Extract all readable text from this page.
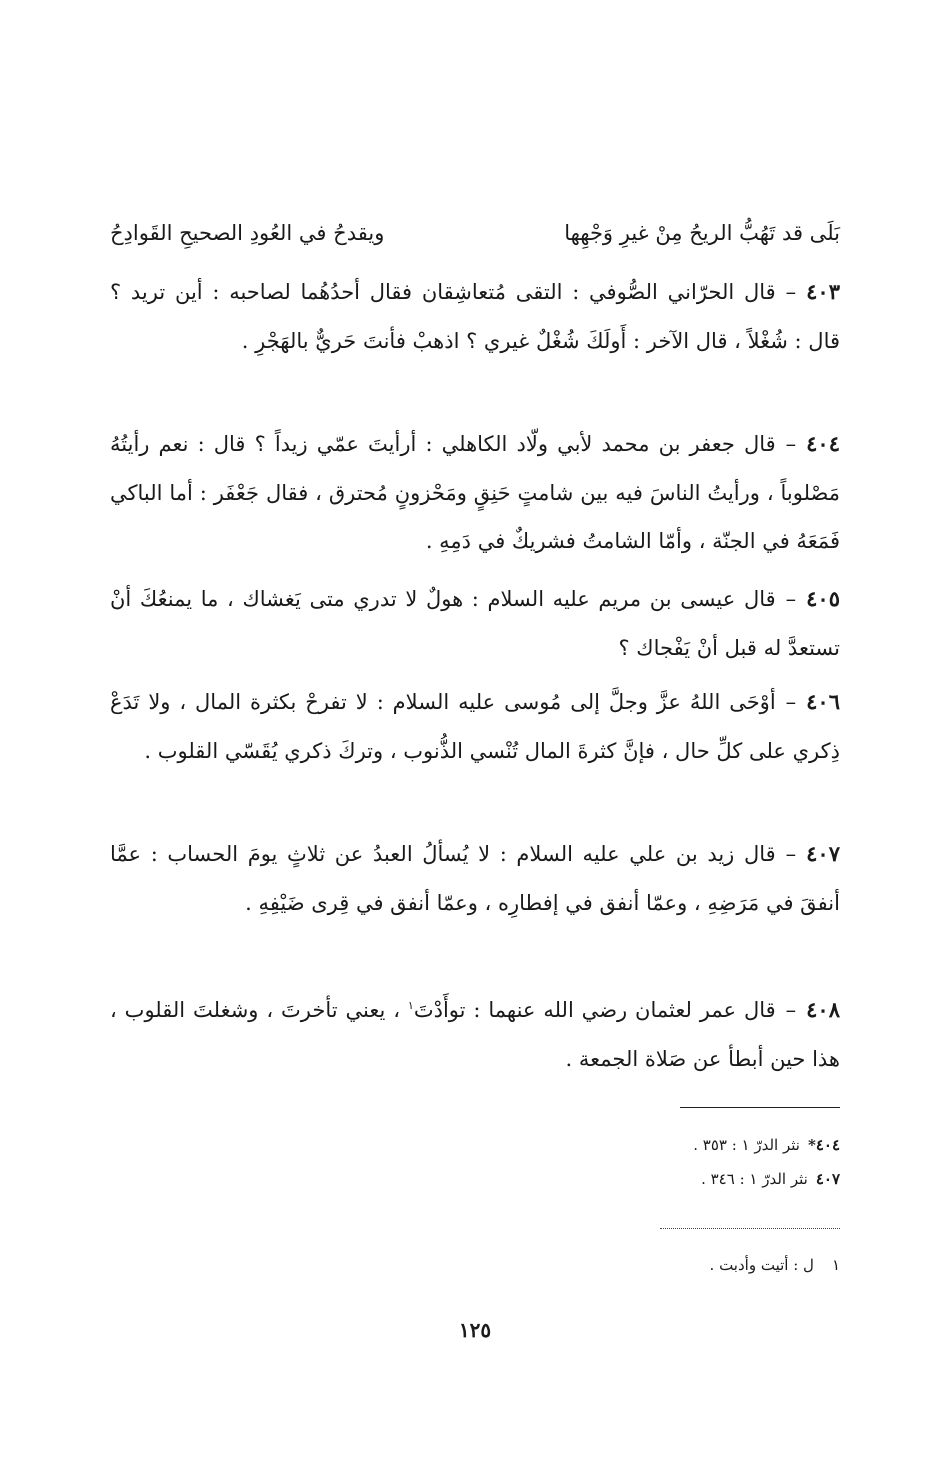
بَلَى قد تَهُبُّ الريحُ مِنْ غيرِ وَجْهِها
ويقدحُ في العُودِ الصحيحِ القَوادِحُ

٤٠٣–قال الحرّاني الصُّوفي : التقى مُتعاشِقان فقال أحدُهُما لصاحبه : أين تريد ؟ قال : شُغْلاً ، قال الآخر : أَولَكَ شُغْلٌ غيري ؟ اذهبْ فأنتَ حَريٌّ بالهَجْرِ .

٤٠٤–قال جعفر بن محمد لأبي ولّاد الكاهلي : أرأيتَ عمّي زيداً ؟ قال : نعم رأيتُهُ مَصْلوباً ، ورأيتُ الناسَ فيه بين شامتٍ حَنِقٍ ومَحْزونٍ مُحترق ، فقال جَعْفَر : أما الباكي فَمَعَهُ في الجنّة ، وأمّا الشامتُ فشريكٌ في دَمِهِ .

٤٠٥–قال عيسى بن مريم عليه السلام : هولٌ لا تدري متى يَغشاك ، ما يمنعُكَ أنْ تستعدَّ له قبل أنْ يَفْجاك ؟

٤٠٦–أوْحَى اللهُ عزَّ وجلَّ إلى مُوسى عليه السلام : لا تفرحْ بكثرة المال ، ولا تَدَعْ ذِكري على كلِّ حال ، فإنَّ كثرةَ المال تُنْسي الذُّنوب ، وتركَ ذكري يُقَسّي القلوب .

٤٠٧–قال زيد بن علي عليه السلام : لا يُسألُ العبدُ عن ثلاثٍ يومَ الحساب : عمَّا أنفقَ في مَرَضِهِ ، وعمّا أنفق في إفطارِه ، وعمّا أنفق في قِرى ضَيْفِهِ .

٤٠٨–قال عمر لعثمان رضي الله عنهما : توأَدْتَ$^١$ ، يعني تأخرتَ ، وشغلتَ القلوب ، هذا حين أبطأ عن صَلاة الجمعة .

٤٠٤*نثر الدرّ ١ : ٣٥٣ .
٤٠٧نثر الدرّ ١ : ٣٤٦ .
١ل : أتيت وأدبت .
١٢٥
